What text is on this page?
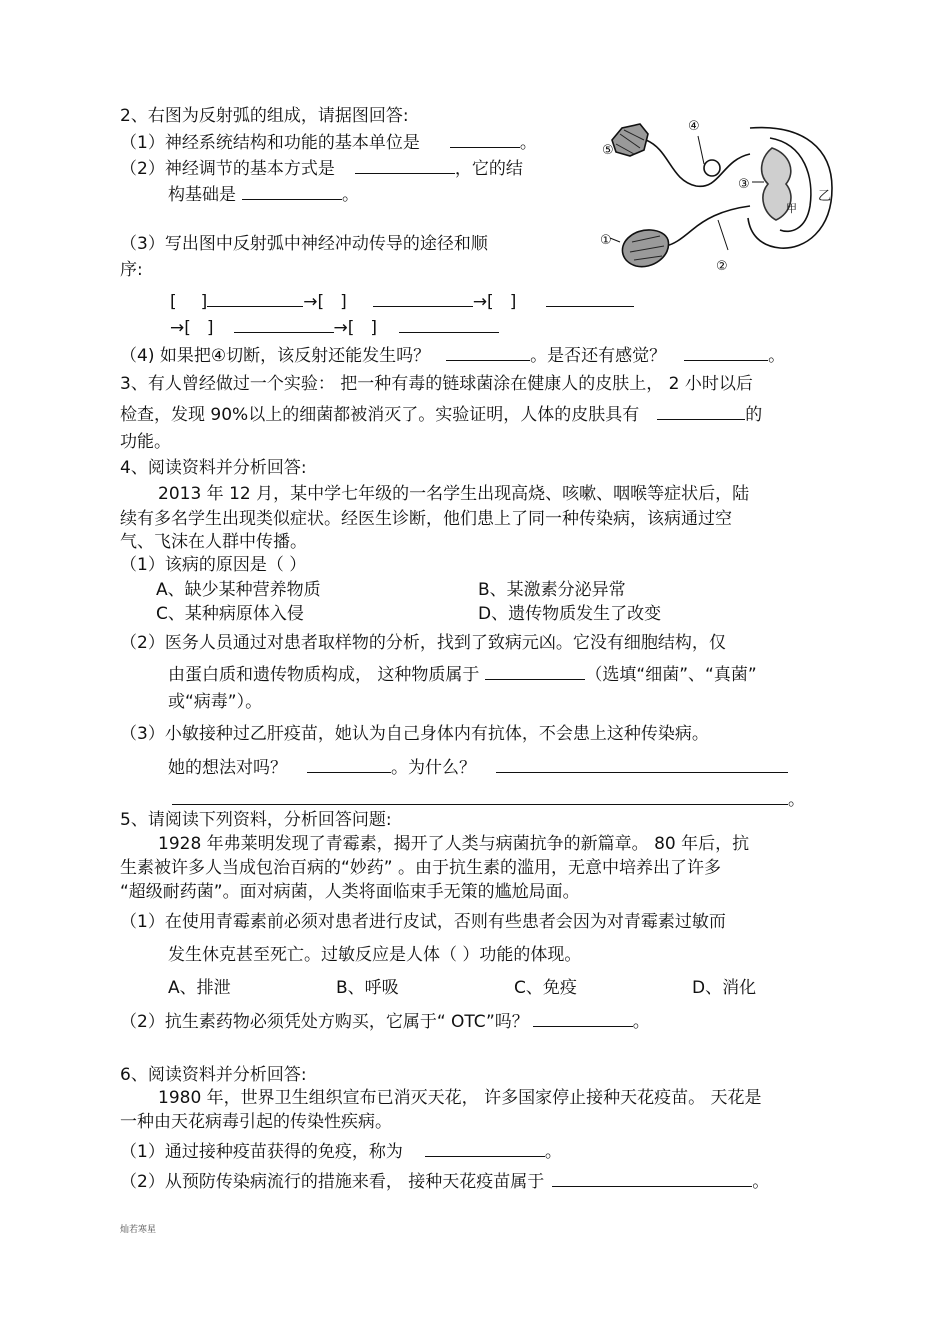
2、右图为反射弧的组成，请据图回答:
（1）神经系统结构和功能的基本单位是	。
（2）神经调节的基本方式是	，它的结
构基础是	。
（3）写出图中反射弧中神经冲动传导的途径和顺
序:
[ ]	→[ ]	→[ ]
→[ ]	→[ ]
（4) 如果把④切断，该反射还能发生吗？	。是否还有感觉？	。
⑤
④
③
乙
甲
①
②
3、有人曾经做过一个实验： 把一种有毒的链球菌涂在健康人的皮肤上， 2 小时以后
检查，发现 90%以上的细菌都被消灭了。实验证明，人体的皮肤具有	的
功能。
4、阅读资料并分析回答:
2013 年 12 月，某中学七年级的一名学生出现高烧、咳嗽、咽喉等症状后，陆
续有多名学生出现类似症状。经医生诊断，他们患上了同一种传染病，该病通过空
气、飞沫在人群中传播。
（1）该病的原因是（ ）
A、缺少某种营养物质	B、某激素分泌异常
C、某种病原体入侵	D、遗传物质发生了改变
（2）医务人员通过对患者取样物的分析，找到了致病元凶。它没有细胞结构，仅
由蛋白质和遗传物质构成， 这种物质属于	（选填“细菌”、“真菌”
或“病毒”）。
（3）小敏接种过乙肝疫苗，她认为自己身体内有抗体，不会患上这种传染病。
她的想法对吗？	。为什么？
。
5、请阅读下列资料，分析回答问题:
1928 年弗莱明发现了青霉素，揭开了人类与病菌抗争的新篇章。 80 年后，抗
生素被许多人当成包治百病的“妙药” 。由于抗生素的滥用，无意中培养出了许多
“超级耐药菌”。面对病菌，人类将面临束手无策的尴尬局面。
（1）在使用青霉素前必须对患者进行皮试，否则有些患者会因为对青霉素过敏而
发生休克甚至死亡。过敏反应是人体（ ）功能的体现。
A、排泄	B、呼吸	C、免疫	D、消化
（2）抗生素药物必须凭处方购买，它属于“ OTC”吗？	。
6、阅读资料并分析回答:
1980 年，世界卫生组织宣布已消灭天花， 许多国家停止接种天花疫苗。 天花是
一种由天花病毒引起的传染性疾病。
（1）通过接种疫苗获得的免疫，称为	。
（2）从预防传染病流行的措施来看， 接种天花疫苗属于	。
灿若寒星
